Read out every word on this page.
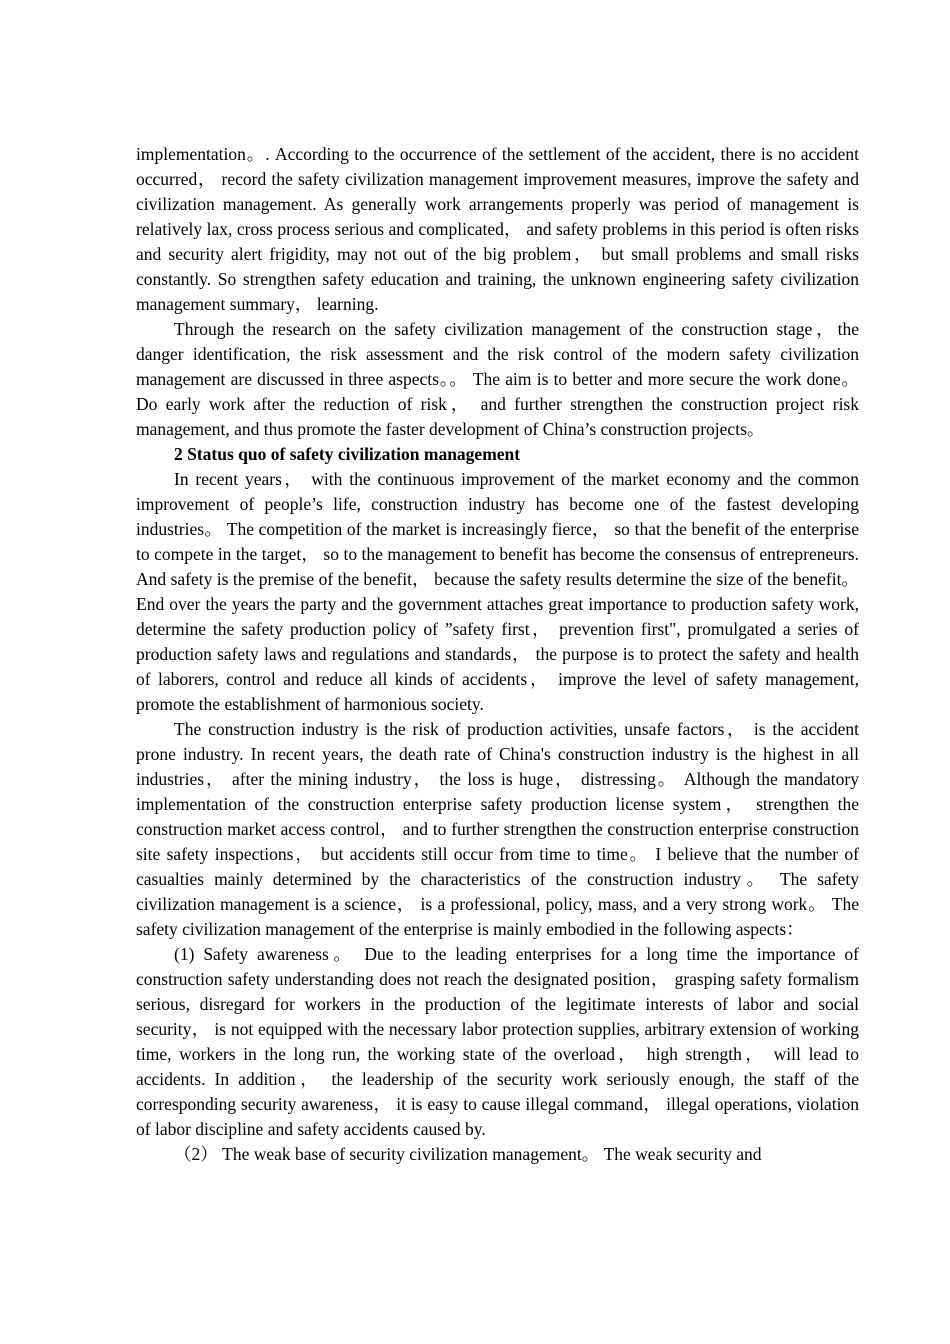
implementation。. According to the occurrence of the settlement of the accident, there is no accident occurred， record the safety civilization management improvement measures, improve the safety and civilization management. As generally work arrangements properly was period of management is relatively lax, cross process serious and complicated， and safety problems in this period is often risks and security alert frigidity, may not out of the big problem， but small problems and small risks constantly. So strengthen safety education and training, the unknown engineering safety civilization management summary， learning.

Through the research on the safety civilization management of the construction stage，the danger identification, the risk assessment and the risk control of the modern safety civilization management are discussed in three aspects。。 The aim is to better and more secure the work done。 Do early work after the reduction of risk， and further strengthen the construction project risk management, and thus promote the faster development of China’s construction projects。

2 Status quo of safety civilization management

In recent years， with the continuous improvement of the market economy and the common improvement of people’s life, construction industry has become one of the fastest developing industries。 The competition of the market is increasingly fierce， so that the benefit of the enterprise to compete in the target， so to the management to benefit has become the consensus of entrepreneurs. And safety is the premise of the benefit， because the safety results determine the size of the benefit。 End over the years the party and the government attaches great importance to production safety work, determine the safety production policy of ”safety first， prevention first", promulgated a series of production safety laws and regulations and standards， the purpose is to protect the safety and health of laborers, control and reduce all kinds of accidents， improve the level of safety management, promote the establishment of harmonious society.

The construction industry is the risk of production activities, unsafe factors， is the accident prone industry. In recent years, the death rate of China's construction industry is the highest in all industries， after the mining industry， the loss is huge， distressing。 Although the mandatory implementation of the construction enterprise safety production license system， strengthen the construction market access control， and to further strengthen the construction enterprise construction site safety inspections， but accidents still occur from time to time。 I believe that the number of casualties mainly determined by the characteristics of the construction industry。 The safety civilization management is a science， is a professional, policy, mass, and a very strong work。 The safety civilization management of the enterprise is mainly embodied in the following aspects：

(1) Safety awareness。 Due to the leading enterprises for a long time the importance of construction safety understanding does not reach the designated position， grasping safety formalism serious, disregard for workers in the production of the legitimate interests of labor and social security， is not equipped with the necessary labor protection supplies, arbitrary extension of working time, workers in the long run, the working state of the overload， high strength， will lead to accidents. In addition， the leadership of the security work seriously enough, the staff of the corresponding security awareness， it is easy to cause illegal command， illegal operations, violation of labor discipline and safety accidents caused by.

（2） The weak base of security civilization management。 The weak security and
